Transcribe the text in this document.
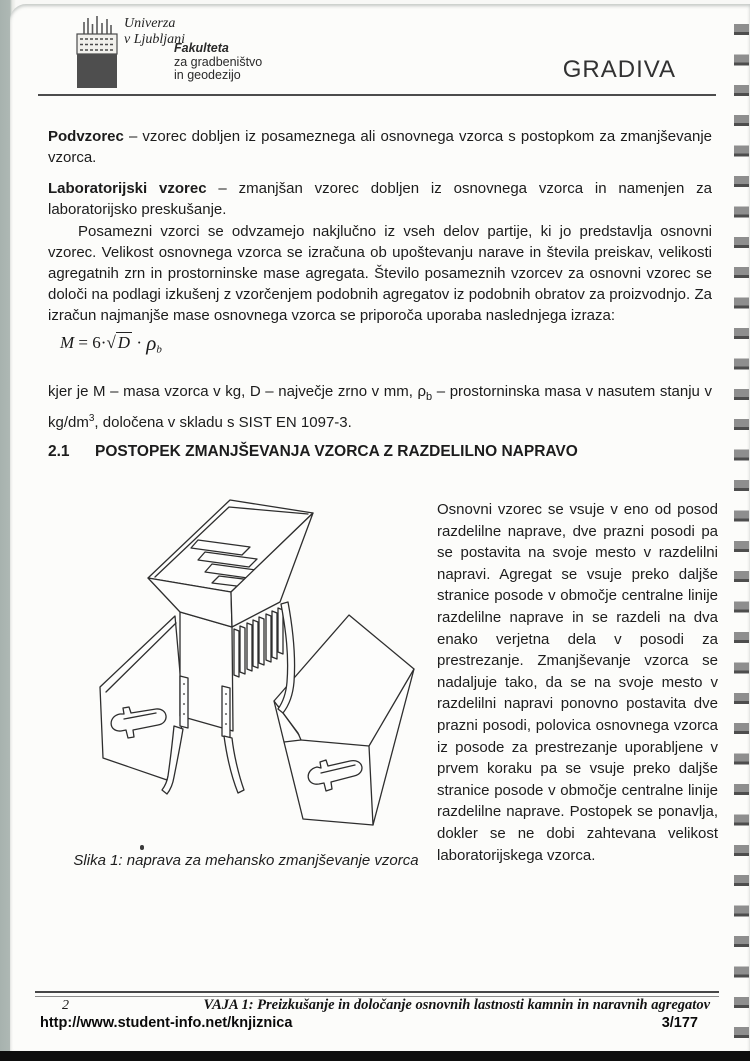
Univerza
v Ljubljani
Fakulteta
za gradbeništvo
in geodezijo	GRADIVA

Podvzorec – vzorec dobljen iz posameznega ali osnovnega vzorca s postopkom za zmanjševanje vzorca.

Laboratorijski vzorec – zmanjšan vzorec dobljen iz osnovnega vzorca in namenjen za laboratorijsko preskušanje.

Posamezni vzorci se odvzamejo nakjlučno iz vseh delov partije, ki jo predstavlja osnovni vzorec. Velikost osnovnega vzorca se izračuna ob upoštevanju narave in števila preiskav, velikosti agregatnih zrn in prostorninske mase agregata. Število posameznih vzorcev za osnovni vzorec se določi na podlagi izkušenj z vzorčenjem podobnih agregatov iz podobnih obratov za proizvodnjo. Za izračun najmanjše mase osnovnega vzorca se priporoča uporaba naslednjega izraza:

M = 6·√ $D \cdot \rho_b$

kjer je M – masa vzorca v kg, D – največje zrno v mm, $\rho_b$ – prostorninska masa v nasutem stanju v $kg/dm^3$, določena v skladu s SIST EN 1097-3.

2.1	POSTOPEK ZMANJŠEVANJA VZORCA Z RAZDELILNO NAPRAVO
Slika 1: naprava za mehansko zmanjševanje vzorca
Osnovni vzorec se vsuje v eno od posod razdelilne naprave, dve prazni posodi pa se postavita na svoje mesto v razdelilni napravi. Agregat se vsuje preko daljše stranice posode v območje centralne linije razdelilne naprave in se razdeli na dva enako verjetna dela v posodi za prestrezanje. Zmanjševanje vzorca se nadaljuje tako, da se na svoje mesto v razdelilni napravi ponovno postavita dve prazni posodi, polovica osnovnega vzorca iz posode za prestrezanje uporabljene v prvem koraku pa se vsuje preko daljše stranice posode v območje centralne linije razdelilne naprave. Postopek se ponavlja, dokler se ne dobi zahtevana velikost laboratorijskega vzorca.
2	VAJA 1: Preizkušanje in določanje osnovnih lastnosti kamnin in naravnih agregatov
http://www.student-info.net/knjiznica	3/177
